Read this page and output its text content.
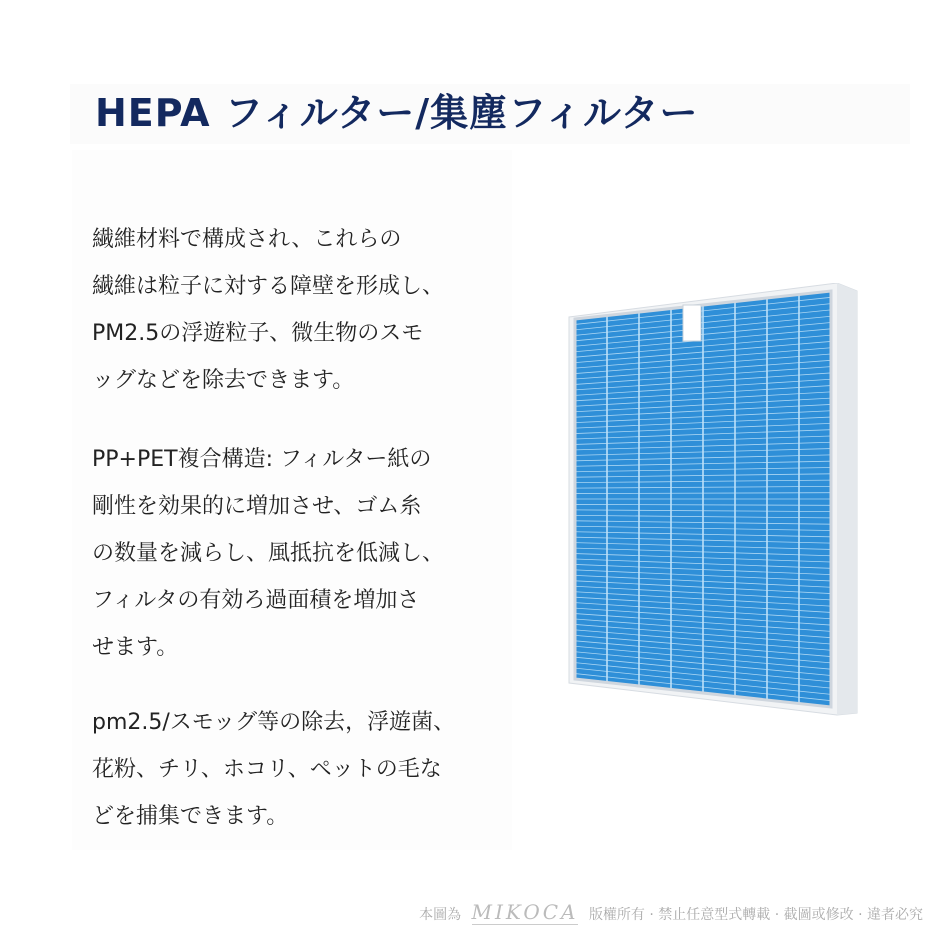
HEPA フィルター/集塵フィルター
繊維材料で構成され、これらの
繊維は粒子に対する障壁を形成し、
PM2.5の浮遊粒子、微生物のスモ
ッグなどを除去できます。
PP+PET複合構造: フィルター紙の
剛性を効果的に増加させ、ゴム糸
の数量を減らし、風抵抗を低減し、
フィルタの有効ろ過面積を増加さ
せます。
pm2.5/スモッグ等の除去，浮遊菌、
花粉、チリ、ホコリ、ペットの毛な
どを捕集できます。
本圖為 MIKOCA 版權所有 · 禁止任意型式轉載 · 截圖或修改 · 違者必究
